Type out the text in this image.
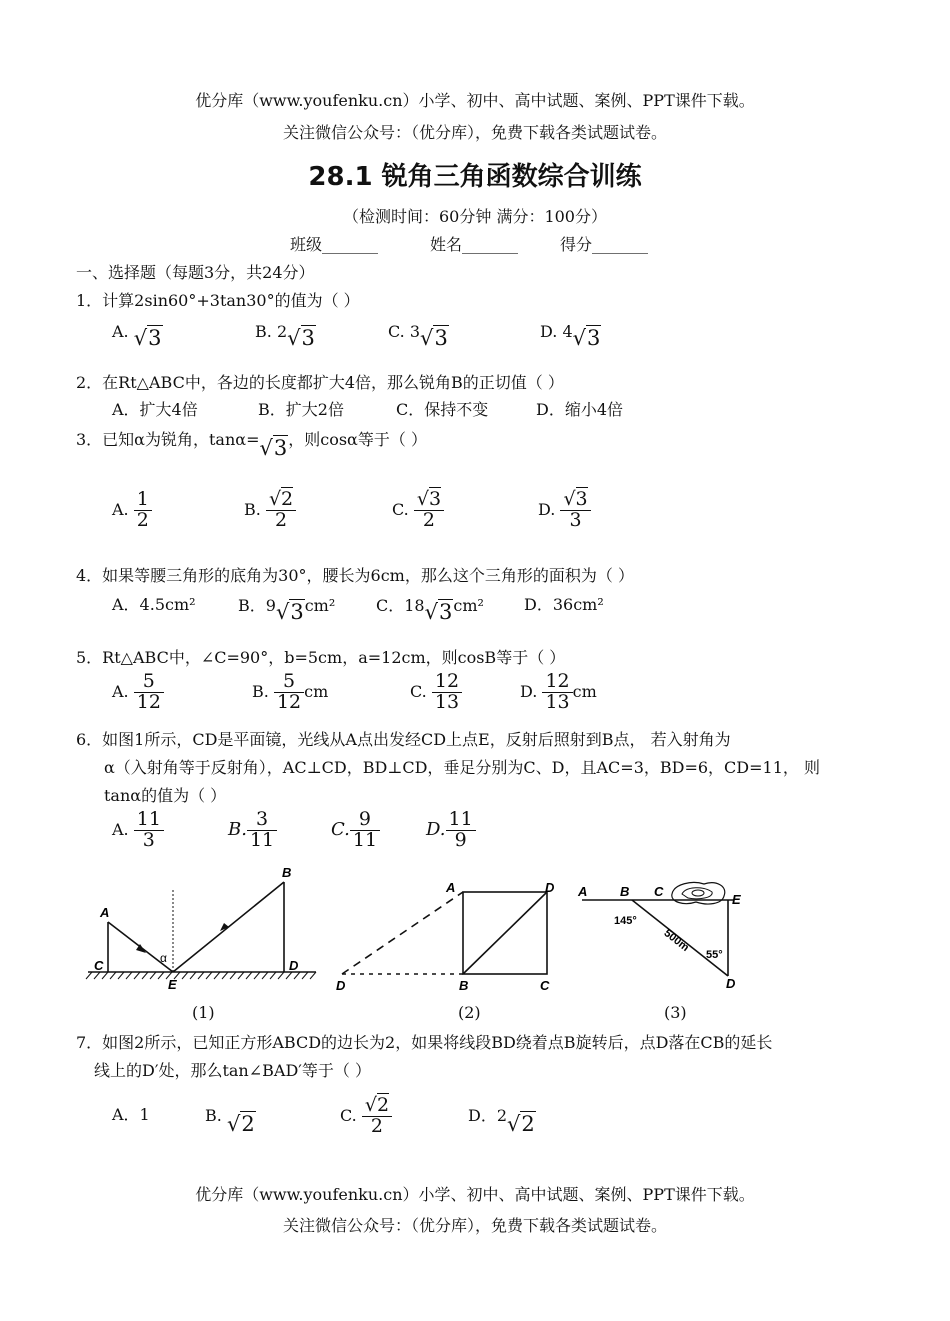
优分库（www.youfenku.cn）小学、初中、高中试题、案例、PPT课件下载。
关注微信公众号：（优分库），免费下载各类试题试卷。
28.1 锐角三角函数综合训练
（检测时间：60分钟 满分：100分）
班级_______	姓名_______	得分_______
一、选择题（每题3分，共24分）
1．计算2sin60°+3tan30°的值为（ ）
A. √3	B. 2√3	C. 3√3	D. 4√3
2．在Rt△ABC中，各边的长度都扩大4倍，那么锐角B的正切值（ ）
A．扩大4倍	B．扩大2倍	C．保持不变	D．缩小4倍
3．已知α为锐角，tanα=√3，则cosα等于（ ）
A. $\frac{1}{2}$	B. $\frac{√2}{2}$	C. $\frac{√3}{2}$	D. $\frac{√3}{3}$
4．如果等腰三角形的底角为30°，腰长为6cm，那么这个三角形的面积为（ ）
A．4.5cm²	B．9√3cm²	C．18√3cm²	D．36cm²
5．Rt△ABC中，∠C=90°，b=5cm，a=12cm，则cosB等于（ ）
A. $\frac{5}{12}$	B. $\frac{5}{12}$ cm	C. $\frac{12}{13}$	D. $\frac{12}{13}$ cm
6．如图1所示，CD是平面镜，光线从A点出发经CD上点E，反射后照射到B点， 若入射角为
α（入射角等于反射角），AC⊥CD，BD⊥CD，垂足分别为C、D，且AC=3，BD=6，CD=11， 则
tanα的值为（ ）
A. $\frac{11}{3}$	B. $\frac{3}{11}$	C. $\frac{9}{11}$	D. $\frac{11}{9}$
A
B
C	D
E
α
A	D
B	C
D
A	B C
E
D
145°
500m
55°
(1)	(2)	(3)
7．如图2所示，已知正方形ABCD的边长为2，如果将线段BD绕着点B旋转后，点D落在CB的延长
线上的D′处，那么tan∠BAD′等于（ ）
A．1	B. √2	C. $\frac{√2}{2}$	D．2√2
优分库（www.youfenku.cn）小学、初中、高中试题、案例、PPT课件下载。
关注微信公众号：（优分库），免费下载各类试题试卷。
